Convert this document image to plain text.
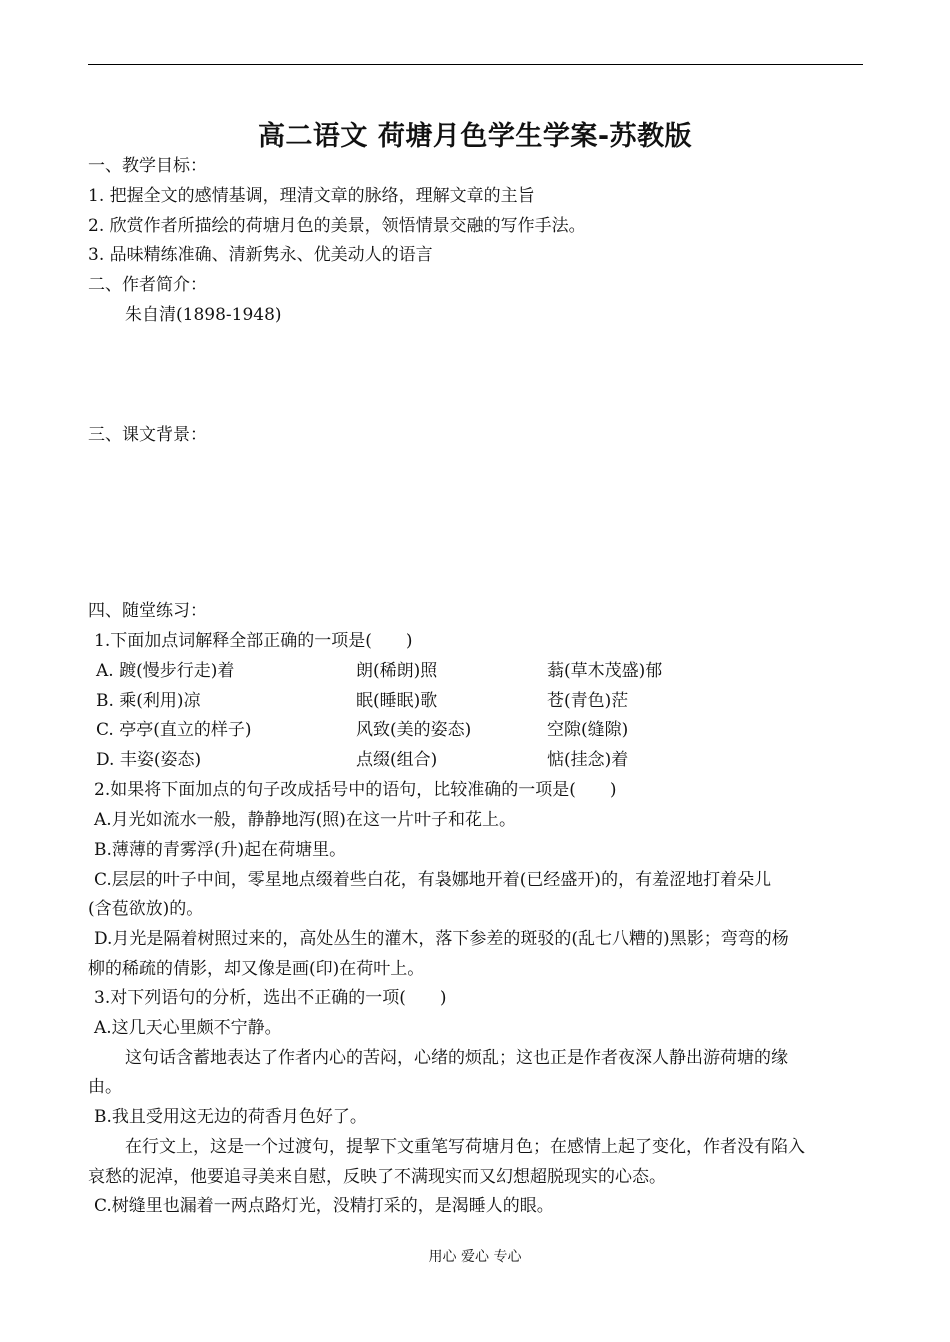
高二语文 荷塘月色学生学案-苏教版
一、教学目标：
1. 把握全文的感情基调，理清文章的脉络，理解文章的主旨
2. 欣赏作者所描绘的荷塘月色的美景，领悟情景交融的写作手法。
3. 品味精练准确、清新隽永、优美动人的语言
二、作者简介：
朱自清(1898-1948)
三、课文背景：
四、随堂练习：
1.下面加点词解释全部正确的一项是(　　)
A. 踱(慢步行走)着	朗(稀朗)照	蓊(草木茂盛)郁
B. 乘(利用)凉	眠(睡眠)歌	苍(青色)茫
C. 亭亭(直立的样子)	风致(美的姿态)	空隙(缝隙)
D. 丰姿(姿态)	点缀(组合)	惦(挂念)着
2.如果将下面加点的句子改成括号中的语句，比较准确的一项是(　　)
A.月光如流水一般，静静地泻(照)在这一片叶子和花上。
B.薄薄的青雾浮(升)起在荷塘里。
C.层层的叶子中间，零星地点缀着些白花，有袅娜地开着(已经盛开)的，有羞涩地打着朵儿
(含苞欲放)的。
D.月光是隔着树照过来的，高处丛生的灌木，落下参差的斑驳的(乱七八糟的)黑影；弯弯的杨
柳的稀疏的倩影，却又像是画(印)在荷叶上。
3.对下列语句的分析，选出不正确的一项(　　)
A.这几天心里颇不宁静。
这句话含蓄地表达了作者内心的苦闷，心绪的烦乱；这也正是作者夜深人静出游荷塘的缘
由。
B.我且受用这无边的荷香月色好了。
在行文上，这是一个过渡句，提挈下文重笔写荷塘月色；在感情上起了变化，作者没有陷入
哀愁的泥淖，他要追寻美来自慰，反映了不满现实而又幻想超脱现实的心态。
C.树缝里也漏着一两点路灯光，没精打采的，是渴睡人的眼。
用心 爱心 专心
